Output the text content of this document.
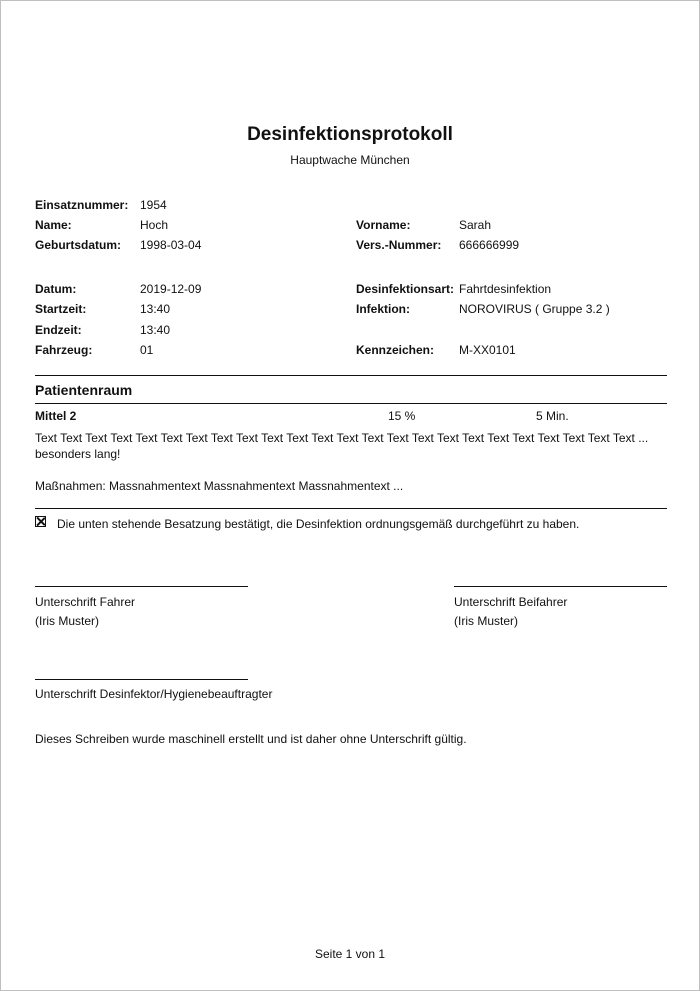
Desinfektionsprotokoll
Hauptwache München
Einsatznummer: 1954
Name:	Hoch	Vorname:	Sarah
Geburtsdatum: 1998-03-04	Vers.-Nummer: 666666999
Datum:	2019-12-09	Desinfektionsart: Fahrtdesinfektion
Startzeit:	13:40	Infektion:	NOROVIRUS ( Gruppe 3.2 )
Endzeit:	13:40
Fahrzeug:	01	Kennzeichen: M-XX0101
Patientenraum
Mittel 2	15 %	5 Min.
Text Text Text Text Text Text Text Text Text Text Text Text Text Text Text Text Text Text Text Text Text Text Text Text ...
besonders lang!
Maßnahmen: Massnahmentext Massnahmentext Massnahmentext ...
Die unten stehende Besatzung bestätigt, die Desinfektion ordnungsgemäß durchgeführt zu haben.
Unterschrift Fahrer
(Iris Muster)
Unterschrift Beifahrer
(Iris Muster)
Unterschrift Desinfektor/Hygienebeauftragter
Dieses Schreiben wurde maschinell erstellt und ist daher ohne Unterschrift gültig.
Seite 1 von 1
